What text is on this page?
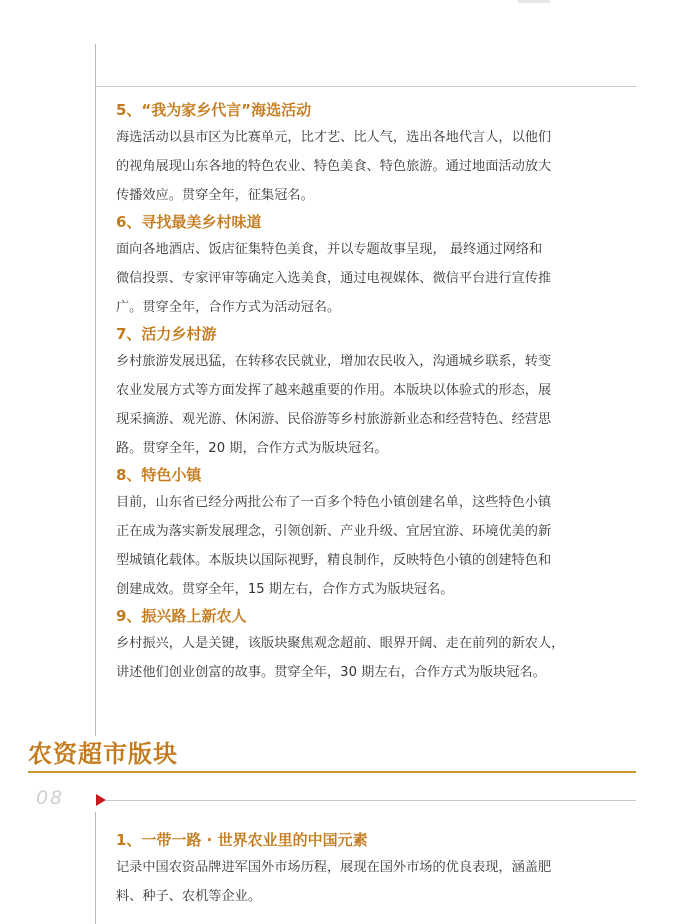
5、“我为家乡代言”海选活动
海选活动以县市区为比赛单元，比才艺、比人气，选出各地代言人，以他们
的视角展现山东各地的特色农业、特色美食、特色旅游。通过地面活动放大
传播效应。贯穿全年，征集冠名。
6、寻找最美乡村味道
面向各地酒店、饭店征集特色美食，并以专题故事呈现， 最终通过网络和
微信投票、专家评审等确定入选美食，通过电视媒体、微信平台进行宣传推
广。贯穿全年，合作方式为活动冠名。
7、活力乡村游
乡村旅游发展迅猛，在转移农民就业，增加农民收入，沟通城乡联系，转变
农业发展方式等方面发挥了越来越重要的作用。本版块以体验式的形态，展
现采摘游、观光游、休闲游、民俗游等乡村旅游新业态和经营特色、经营思
路。贯穿全年，20 期，合作方式为版块冠名。
8、特色小镇
目前，山东省已经分两批公布了一百多个特色小镇创建名单，这些特色小镇
正在成为落实新发展理念，引领创新、产业升级、宜居宜游、环境优美的新
型城镇化载体。本版块以国际视野，精良制作，反映特色小镇的创建特色和
创建成效。贯穿全年，15 期左右，合作方式为版块冠名。
9、振兴路上新农人
乡村振兴，人是关键，该版块聚焦观念超前、眼界开阔、走在前列的新农人，
讲述他们创业创富的故事。贯穿全年，30 期左右，合作方式为版块冠名。
农资超市版块
08
1、一带一路 · 世界农业里的中国元素
记录中国农资品牌进军国外市场历程，展现在国外市场的优良表现，涵盖肥
料、种子、农机等企业。
